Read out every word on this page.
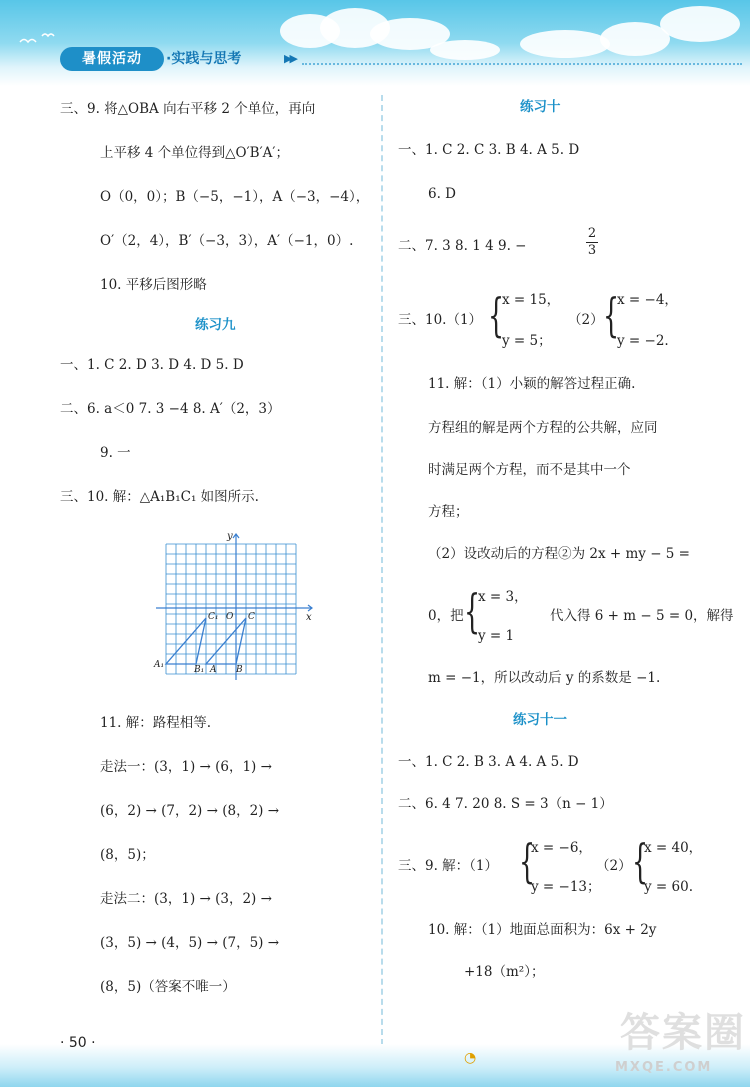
暑假活动	·实践与思考	▶▶
三、9. 将△OBA 向右平移 2 个单位，再向
上平移 4 个单位得到△O′B′A′；
O（0，0）；B（−5，−1），A（−3，−4），
O′（2，4），B′（−3，3），A′（−1，0）.
10. 平移后图形略
练习九
一、1. C 2. D 3. D 4. D 5. D
二、6. a＜0 7. 3 −4 8. A′（2，3）
9. 一
三、10. 解：△A₁B₁C₁ 如图所示.
x
y
C₁ O C
A₁	B₁ A B
11. 解：路程相等.
走法一：(3，1) → (6，1) →
(6，2) → (7，2) → (8，2) →
(8，5)；
走法二：(3，1) → (3，2) →
(3，5) → (4，5) → (7，5) →
(8，5)（答案不唯一）
练习十
一、1. C 2. C 3. B 4. A 5. D
6. D
二、7. 3 8. 1 4 9. −
2
3
三、10.（1） {
x = 15，
y = 5；
（2） {
x = −4，
y = −2.
11. 解：（1）小颖的解答过程正确.
方程组的解是两个方程的公共解，应同
时满足两个方程，而不是其中一个
方程；
（2）设改动后的方程②为 2x + my − 5 =
0，把 {
x = 3，
y = 1
代入得 6 + m − 5 = 0，解得
m = −1，所以改动后 y 的系数是 −1.
练习十一
一、1. C 2. B 3. A 4. A 5. D
二、6. 4 7. 20 8. S = 3（n − 1）
三、9. 解：（1） {
x = −6，
y = −13；
（2） {
x = 40，
y = 60.
10. 解：（1）地面总面积为：6x + 2y
+18（m²）；
· 50 ·
◔
答案圈
MXQE.COM
